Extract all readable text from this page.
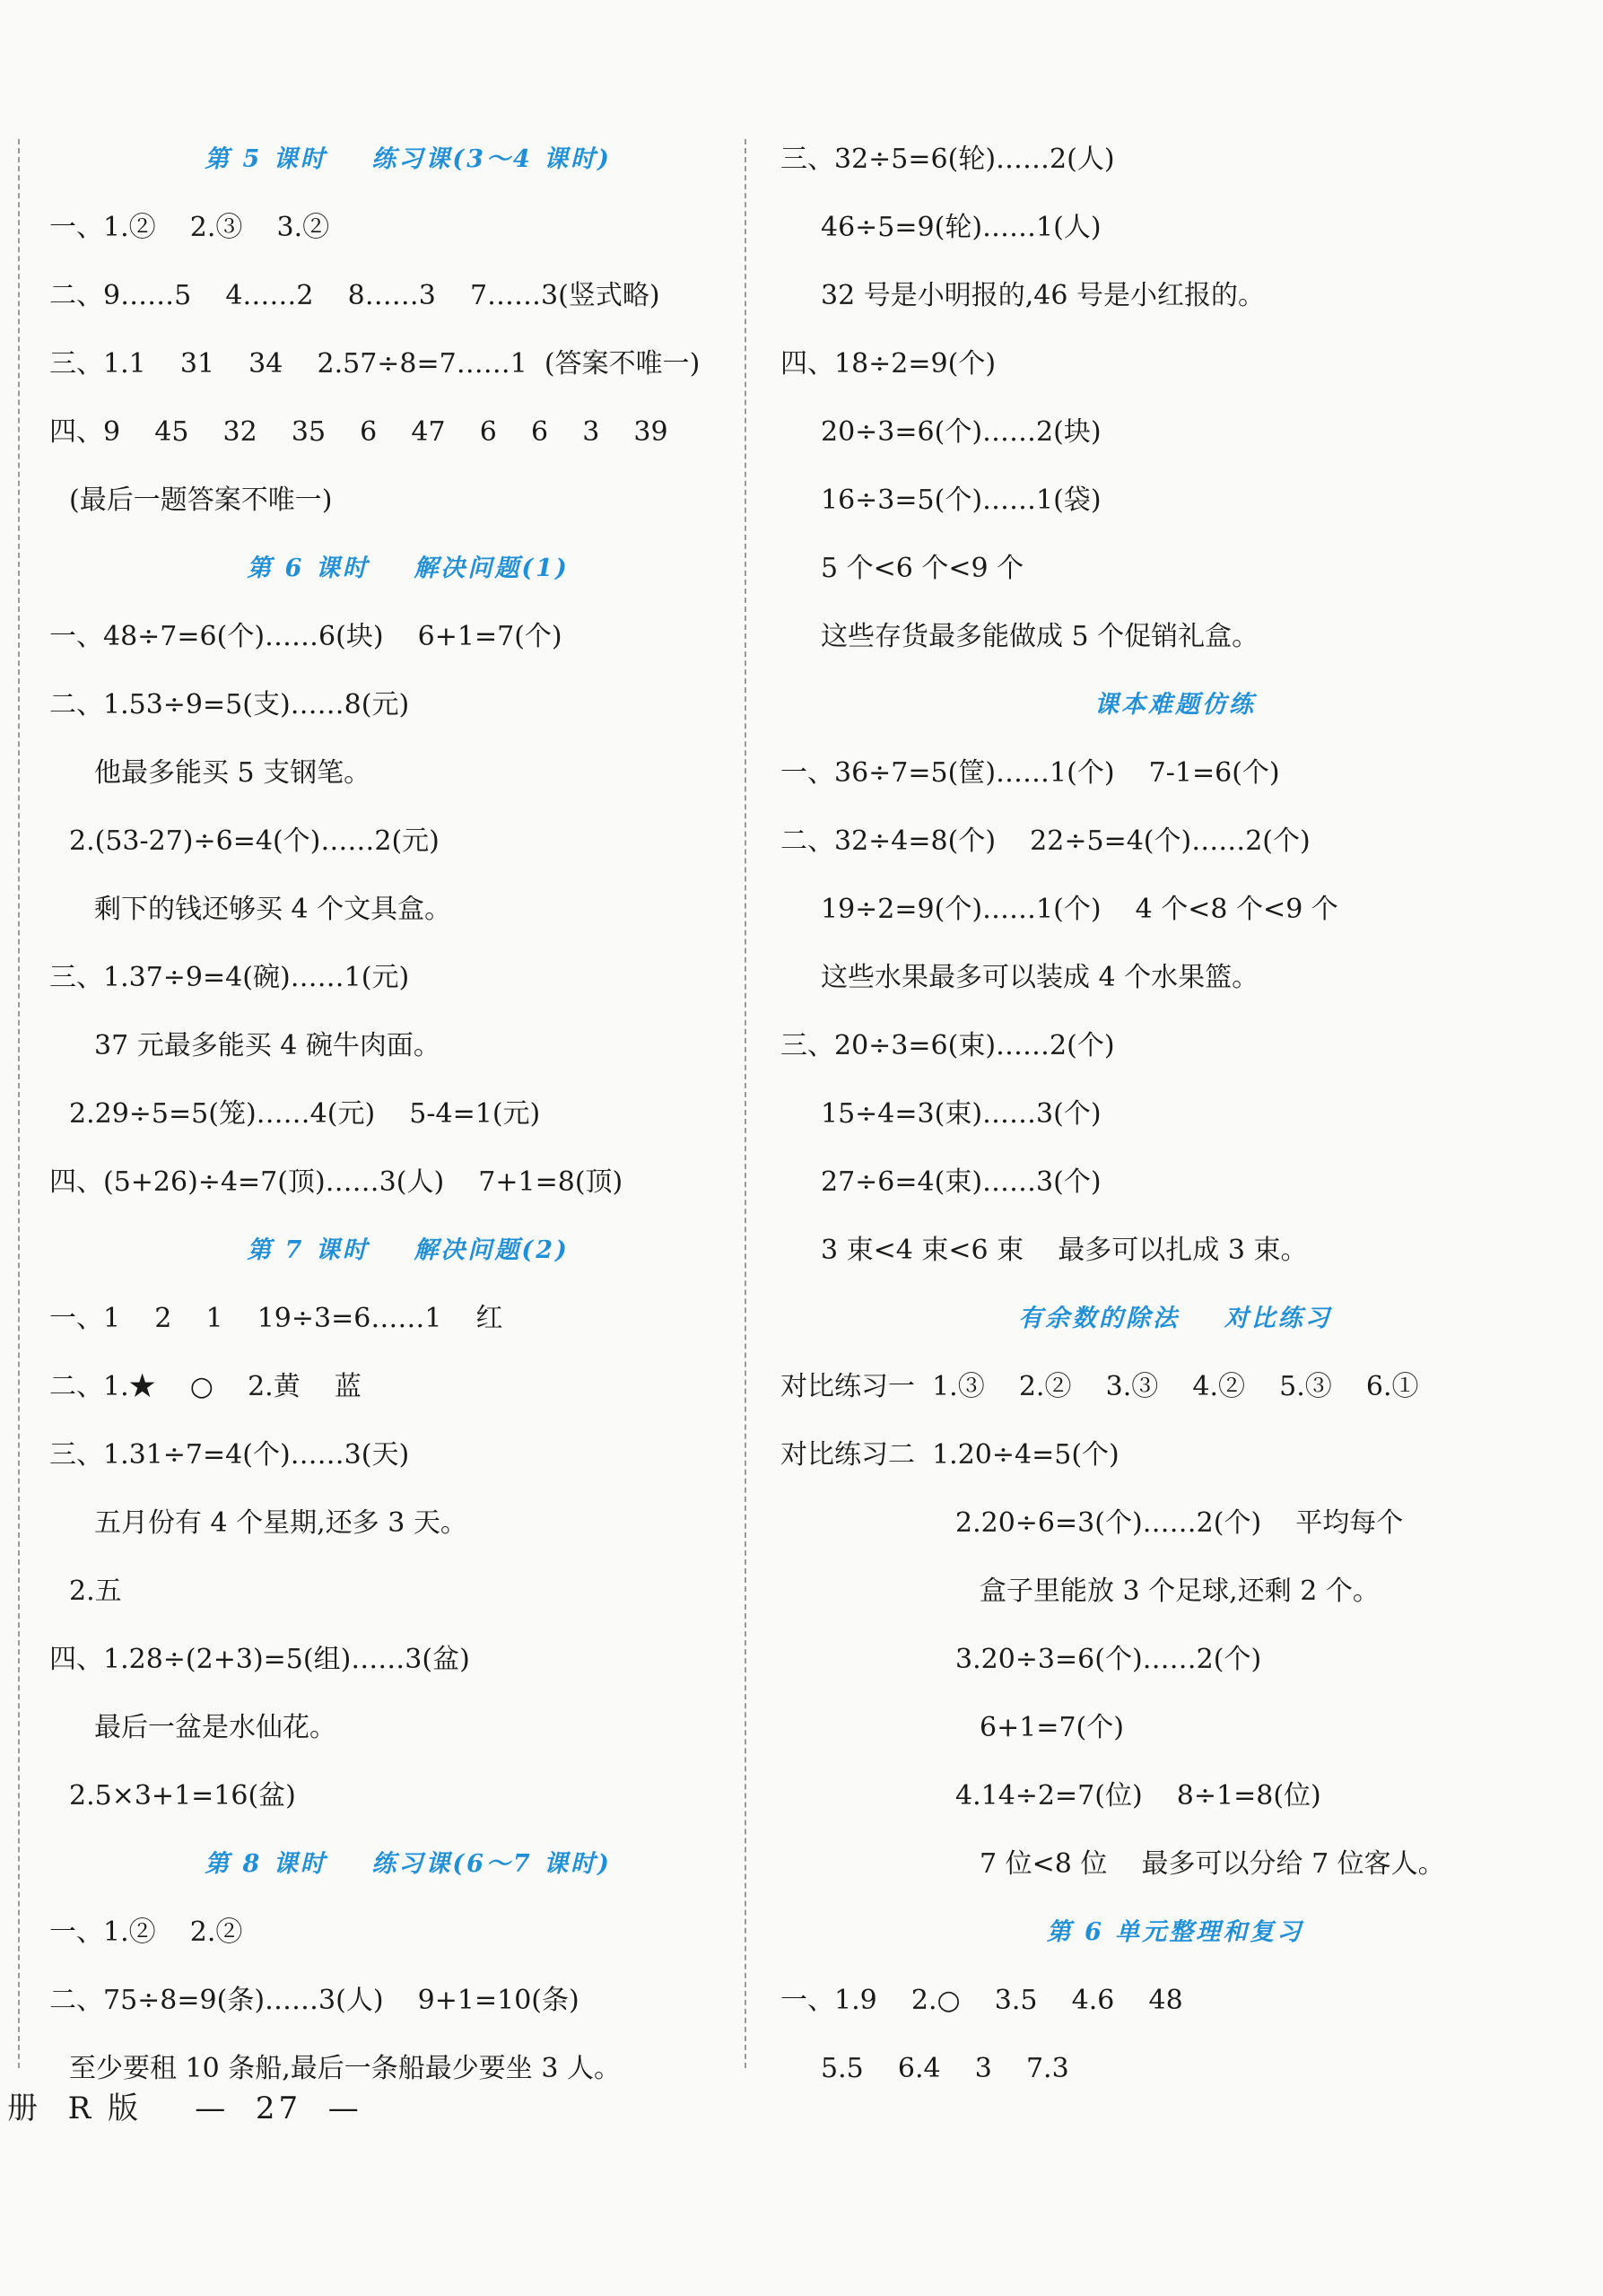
第 5 课时    练习课(3～4 课时)
一、1.②    2.③    3.②
二、9……5    4……2    8……3    7……3(竖式略)
三、1.1    31    34    2.57÷8=7……1  (答案不唯一)
四、9    45    32    35    6    47    6    6    3    39
(最后一题答案不唯一)
第 6 课时    解决问题(1)
一、48÷7=6(个)……6(块)    6+1=7(个)
二、1.53÷9=5(支)……8(元)
他最多能买 5 支钢笔。
2.(53-27)÷6=4(个)……2(元)
剩下的钱还够买 4 个文具盒。
三、1.37÷9=4(碗)……1(元)
37 元最多能买 4 碗牛肉面。
2.29÷5=5(笼)……4(元)    5-4=1(元)
四、(5+26)÷4=7(顶)……3(人)    7+1=8(顶)
第 7 课时    解决问题(2)
一、1    2    1    19÷3=6……1    红
二、1.★    ○    2.黄    蓝
三、1.31÷7=4(个)……3(天)
五月份有 4 个星期,还多 3 天。
2.五
四、1.28÷(2+3)=5(组)……3(盆)
最后一盆是水仙花。
2.5×3+1=16(盆)
第 8 课时    练习课(6～7 课时)
一、1.②    2.②
二、75÷8=9(条)……3(人)    9+1=10(条)
至少要租 10 条船,最后一条船最少要坐 3 人。
三、32÷5=6(轮)……2(人)
46÷5=9(轮)……1(人)
32 号是小明报的,46 号是小红报的。
四、18÷2=9(个)
20÷3=6(个)……2(块)
16÷3=5(个)……1(袋)
5 个<6 个<9 个
这些存货最多能做成 5 个促销礼盒。
课本难题仿练
一、36÷7=5(筐)……1(个)    7-1=6(个)
二、32÷4=8(个)    22÷5=4(个)……2(个)
19÷2=9(个)……1(个)    4 个<8 个<9 个
这些水果最多可以装成 4 个水果篮。
三、20÷3=6(束)……2(个)
15÷4=3(束)……3(个)
27÷6=4(束)……3(个)
3 束<4 束<6 束    最多可以扎成 3 束。
有余数的除法    对比练习
对比练习一  1.③    2.②    3.③    4.②    5.③    6.①
对比练习二  1.20÷4=5(个)
2.20÷6=3(个)……2(个)    平均每个
盒子里能放 3 个足球,还剩 2 个。
3.20÷3=6(个)……2(个)
6+1=7(个)
4.14÷2=7(位)    8÷1=8(位)
7 位<8 位    最多可以分给 7 位客人。
第 6 单元整理和复习
一、1.9    2.○    3.5    4.6    48
5.5    6.4    3    7.3
册  R 版    —  27  —
